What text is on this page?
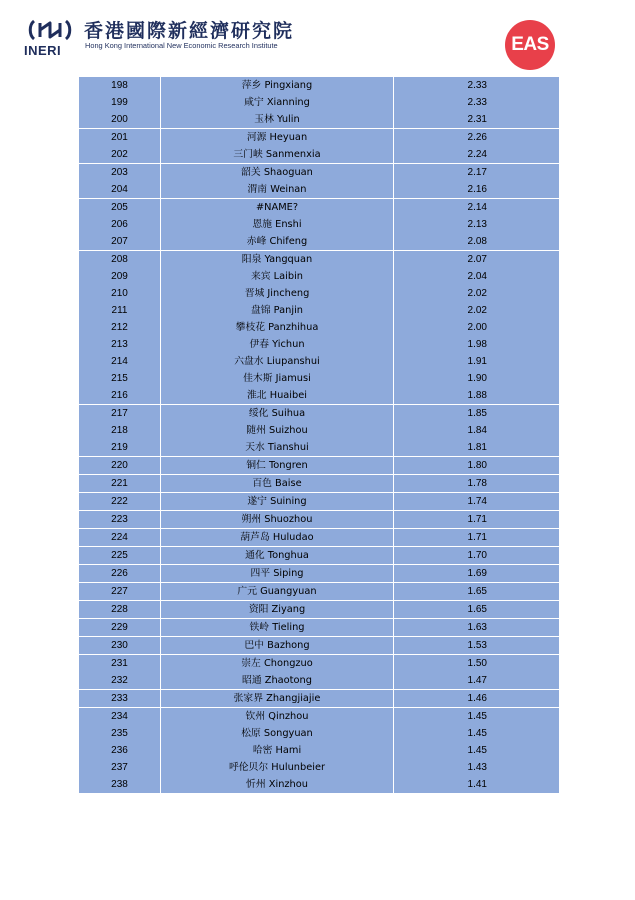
INERI
香港國際新經濟研究院
Hong Kong International New Economic Research Institute	EAS
198	萍乡 Pingxiang	2.33
199	咸宁 Xianning	2.33
200	玉林 Yulin	2.31
201	河源 Heyuan	2.26
202	三门峡 Sanmenxia	2.24
203	韶关 Shaoguan	2.17
204	渭南 Weinan	2.16
205	#NAME?	2.14
206	恩施 Enshi	2.13
207	赤峰 Chifeng	2.08
208	阳泉 Yangquan	2.07
209	来宾 Laibin	2.04
210	晋城 Jincheng	2.02
211	盘锦 Panjin	2.02
212	攀枝花 Panzhihua	2.00
213	伊春 Yichun	1.98
214	六盘水 Liupanshui	1.91
215	佳木斯 Jiamusi	1.90
216	淮北 Huaibei	1.88
217	绥化 Suihua	1.85
218	随州 Suizhou	1.84
219	天水 Tianshui	1.81
220	铜仁 Tongren	1.80
221	百色 Baise	1.78
222	遂宁 Suining	1.74
223	朔州 Shuozhou	1.71
224	葫芦岛 Huludao	1.71
225	通化 Tonghua	1.70
226	四平 Siping	1.69
227	广元 Guangyuan	1.65
228	资阳 Ziyang	1.65
229	铁岭 Tieling	1.63
230	巴中 Bazhong	1.53
231	崇左 Chongzuo	1.50
232	昭通 Zhaotong	1.47
233	张家界 Zhangjiajie	1.46
234	钦州 Qinzhou	1.45
235	松原 Songyuan	1.45
236	哈密 Hami	1.45
237	呼伦贝尔 Hulunbeier	1.43
238	忻州 Xinzhou	1.41
